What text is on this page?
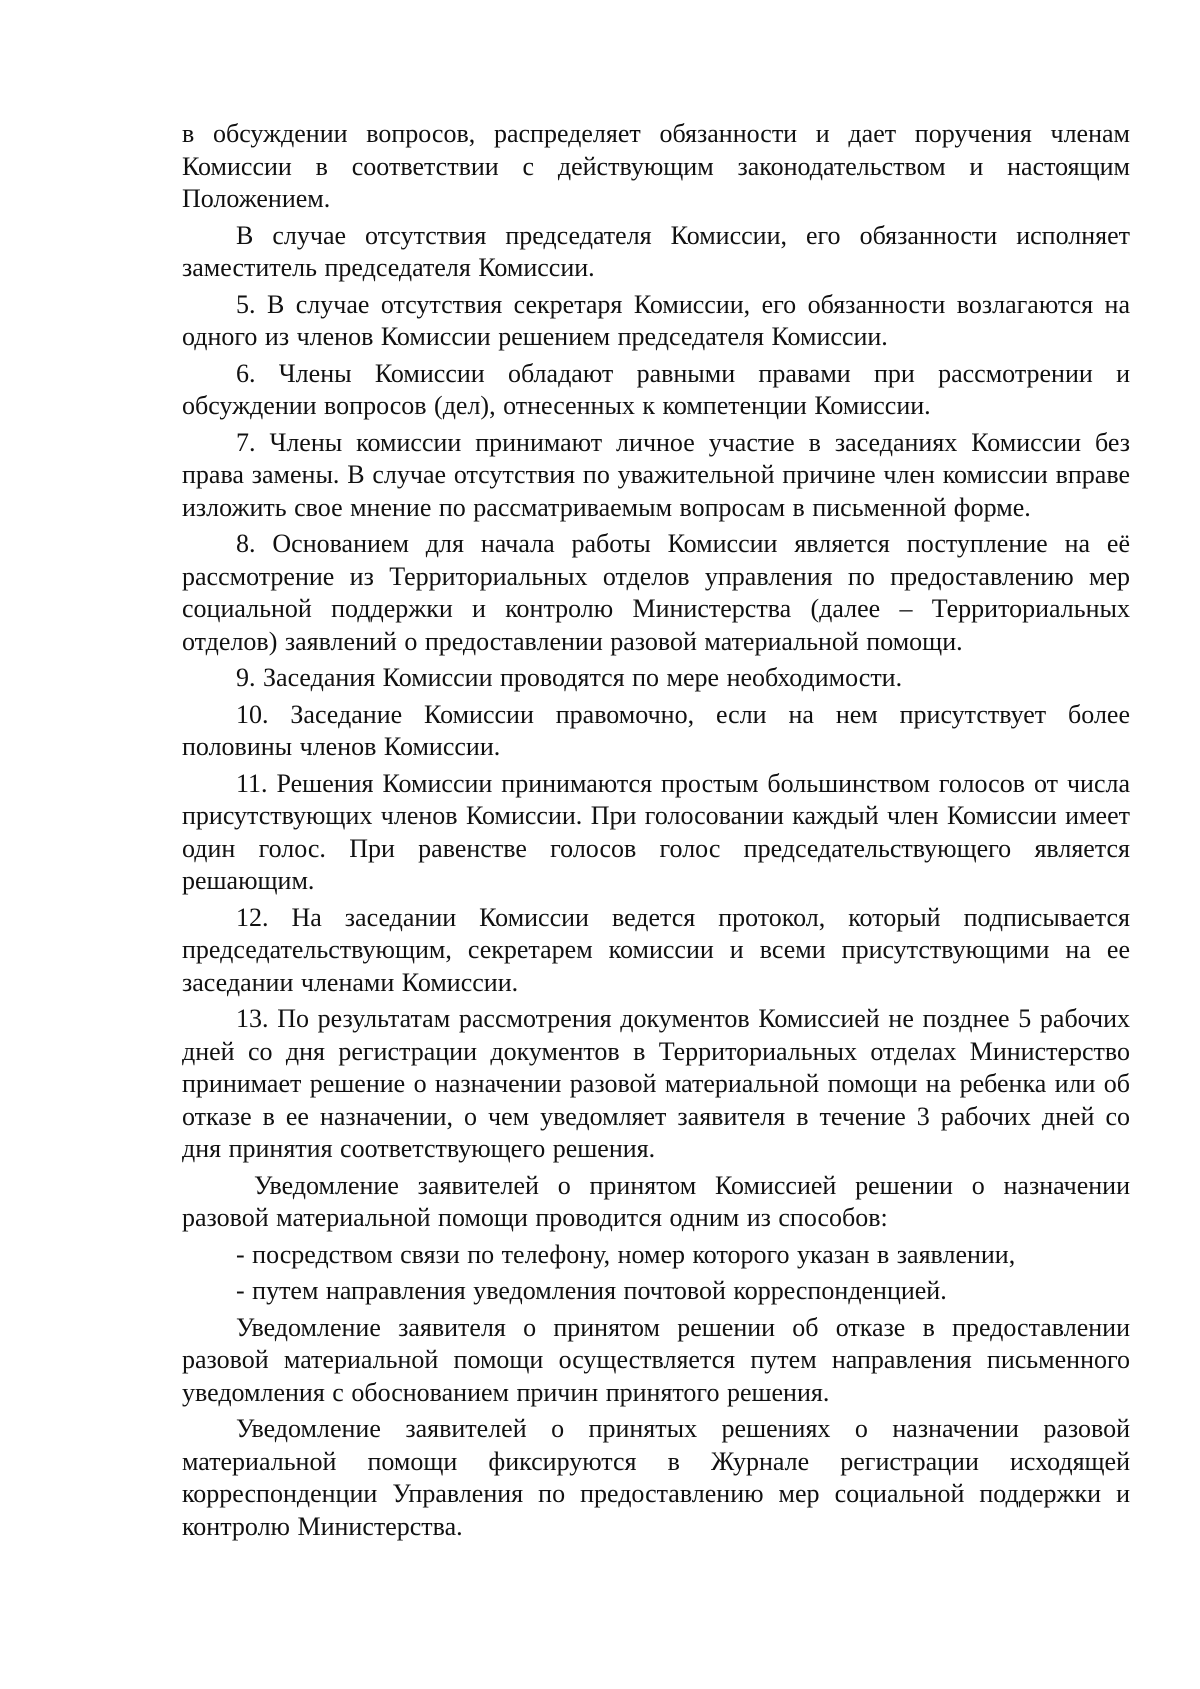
в обсуждении вопросов, распределяет обязанности и дает поручения членам Комиссии в соответствии с действующим законодательством и настоящим Положением.

В случае отсутствия председателя Комиссии, его обязанности исполняет заместитель председателя Комиссии.

5. В случае отсутствия секретаря Комиссии, его обязанности возлагаются на одного из членов Комиссии решением председателя Комиссии.

6. Члены Комиссии обладают равными правами при рассмотрении и обсуждении вопросов (дел), отнесенных к компетенции Комиссии.

7. Члены комиссии принимают личное участие в заседаниях Комиссии без права замены. В случае отсутствия по уважительной причине член комиссии вправе изложить свое мнение по рассматриваемым вопросам в письменной форме.

8. Основанием для начала работы Комиссии является поступление на её рассмотрение из Территориальных отделов управления по предоставлению мер социальной поддержки и контролю Министерства (далее – Территориальных отделов) заявлений о предоставлении разовой материальной помощи.

9. Заседания Комиссии проводятся по мере необходимости.

10. Заседание Комиссии правомочно, если на нем присутствует более половины членов Комиссии.

11. Решения Комиссии принимаются простым большинством голосов от числа присутствующих членов Комиссии. При голосовании каждый член Комиссии имеет один голос. При равенстве голосов голос председательствующего является решающим.

12. На заседании Комиссии ведется протокол, который подписывается председательствующим, секретарем комиссии и всеми присутствующими на ее заседании членами Комиссии.

13. По результатам рассмотрения документов Комиссией не позднее 5 рабочих дней со дня регистрации документов в Территориальных отделах Министерство принимает решение о назначении разовой материальной помощи на ребенка или об отказе в ее назначении, о чем уведомляет заявителя в течение 3 рабочих дней со дня принятия соответствующего решения.

Уведомление заявителей о принятом Комиссией решении о назначении разовой материальной помощи проводится одним из способов:

- посредством связи по телефону, номер которого указан в заявлении,

- путем направления уведомления почтовой корреспонденцией.

Уведомление заявителя о принятом решении об отказе в предоставлении разовой материальной помощи осуществляется путем направления письменного уведомления с обоснованием причин принятого решения.

Уведомление заявителей о принятых решениях о назначении разовой материальной помощи фиксируются в Журнале регистрации исходящей корреспонденции Управления по предоставлению мер социальной поддержки и контролю Министерства.
